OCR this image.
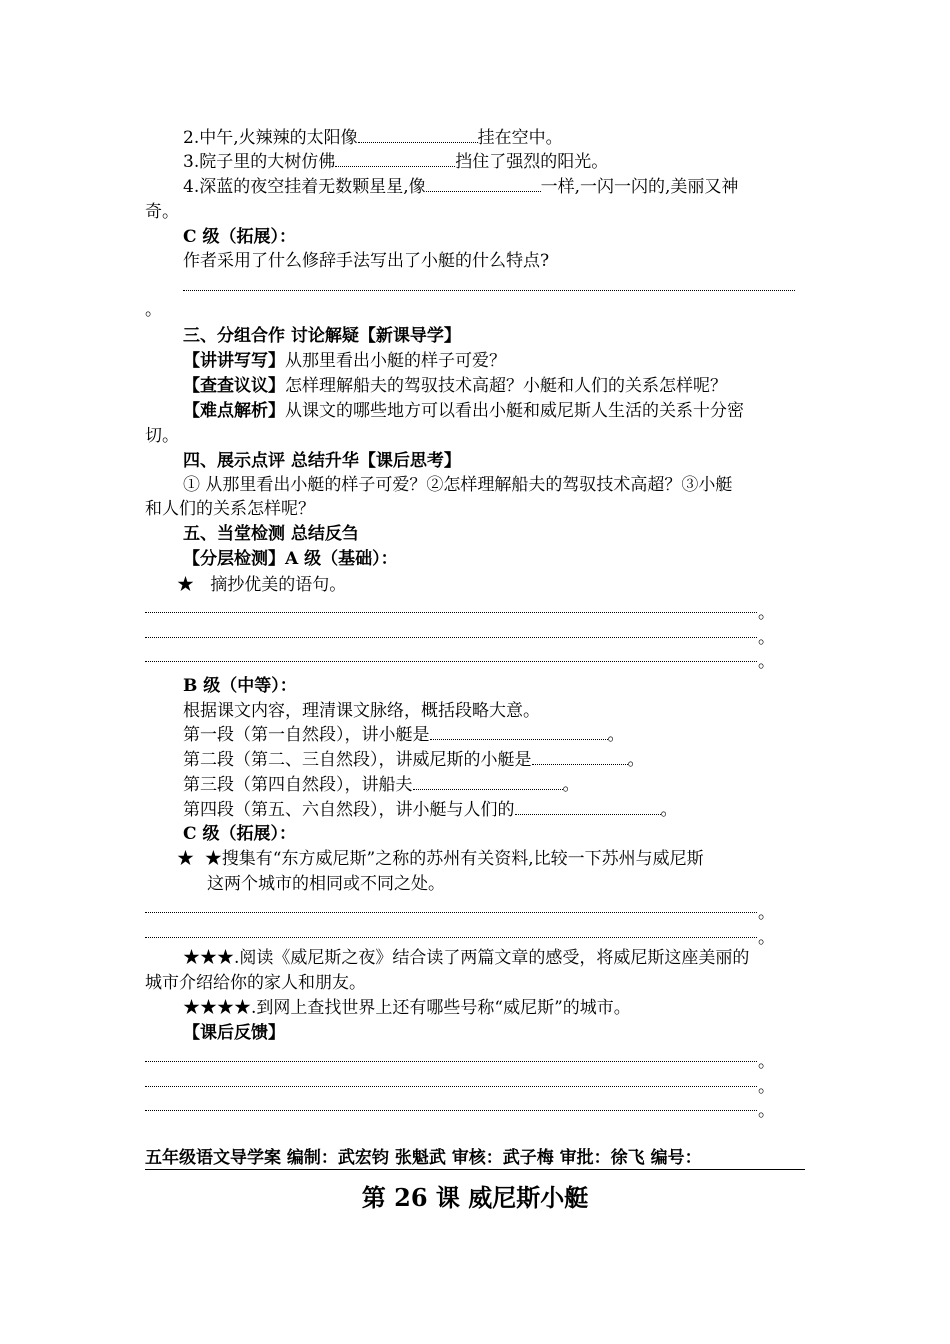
2.中午,火辣辣的太阳像	挂在空中。
3.院子里的大树仿佛	挡住了强烈的阳光。
4.深蓝的夜空挂着无数颗星星,像	一样,一闪一闪的,美丽又神
奇。
C 级（拓展）：
作者采用了什么修辞手法写出了小艇的什么特点?
。
三、分组合作 讨论解疑【新课导学】
【讲讲写写】从那里看出小艇的样子可爱？
【查查议议】怎样理解船夫的驾驭技术高超？小艇和人们的关系怎样呢？
【难点解析】从课文的哪些地方可以看出小艇和威尼斯人生活的关系十分密
切。
四、展示点评 总结升华【课后思考】
① 从那里看出小艇的样子可爱？②怎样理解船夫的驾驭技术高超？③小艇
和人们的关系怎样呢？
五、当堂检测 总结反刍
【分层检测】A 级（基础）：
★ 摘抄优美的语句。
。
。
。
B 级（中等）：
根据课文内容，理清课文脉络，概括段略大意。
第一段（第一自然段），讲小艇是	。
第二段（第二、三自然段），讲威尼斯的小艇是	。
第三段（第四自然段），讲船夫	。
第四段（第五、六自然段），讲小艇与人们的	。
C 级（拓展）：
★ ★搜集有“东方威尼斯”之称的苏州有关资料,比较一下苏州与威尼斯
这两个城市的相同或不同之处。
。
。
★★★.阅读《威尼斯之夜》结合读了两篇文章的感受，将威尼斯这座美丽的
城市介绍给你的家人和朋友。
★★★★.到网上查找世界上还有哪些号称“威尼斯”的城市。
【课后反馈】
。
。
。
五年级语文导学案 编制：武宏钧 张魁武 审核：武子梅 审批：徐飞 编号：
第 26 课 威尼斯小艇
